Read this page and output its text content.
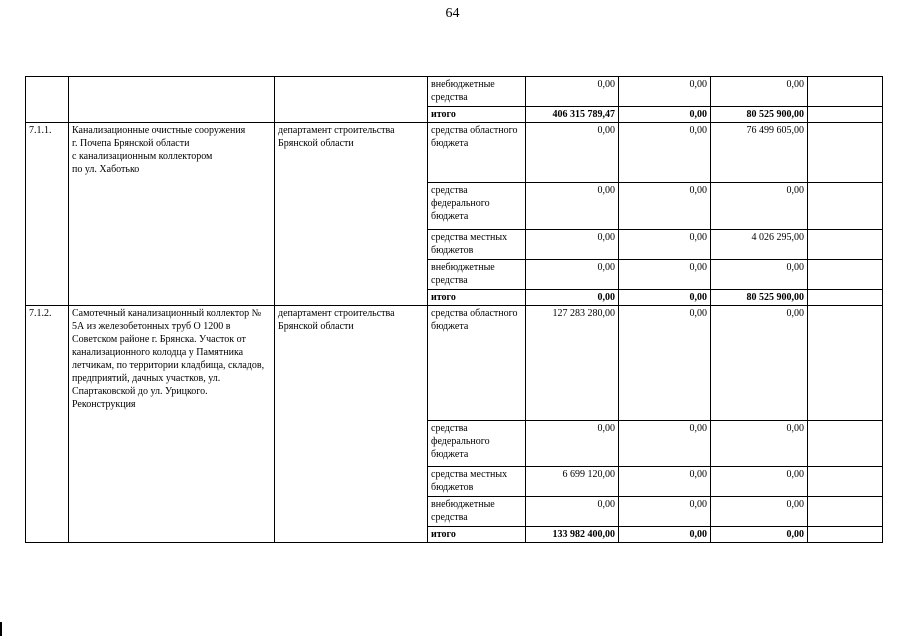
64
			внебюджетные средства	0,00	0,00	0,00	
			итого	406 315 789,47	0,00	80 525 900,00	
7.1.1.	Канализационные очистные сооружения
г. Почепа Брянской области
с канализационным коллектором
по ул. Хаботько	департамент строительства Брянской области	средства областного бюджета	0,00	0,00	76 499 605,00	
			средства федерального бюджета	0,00	0,00	0,00	
			средства местных бюджетов	0,00	0,00	4 026 295,00	
			внебюджетные средства	0,00	0,00	0,00	
			итого	0,00	0,00	80 525 900,00	
7.1.2.	Самотечный канализационный коллектор № 5А из железобетонных труб О 1200 в Советском районе г. Брянска. Участок от канализационного колодца у Памятника летчикам, по территории кладбища, складов, предприятий, дачных участков, ул. Спартаковской до ул. Урицкого. Реконструкция	департамент строительства Брянской области	средства областного бюджета	127 283 280,00	0,00	0,00	
			средства федерального бюджета	0,00	0,00	0,00	
			средства местных бюджетов	6 699 120,00	0,00	0,00	
			внебюджетные средства	0,00	0,00	0,00	
			итого	133 982 400,00	0,00	0,00	
